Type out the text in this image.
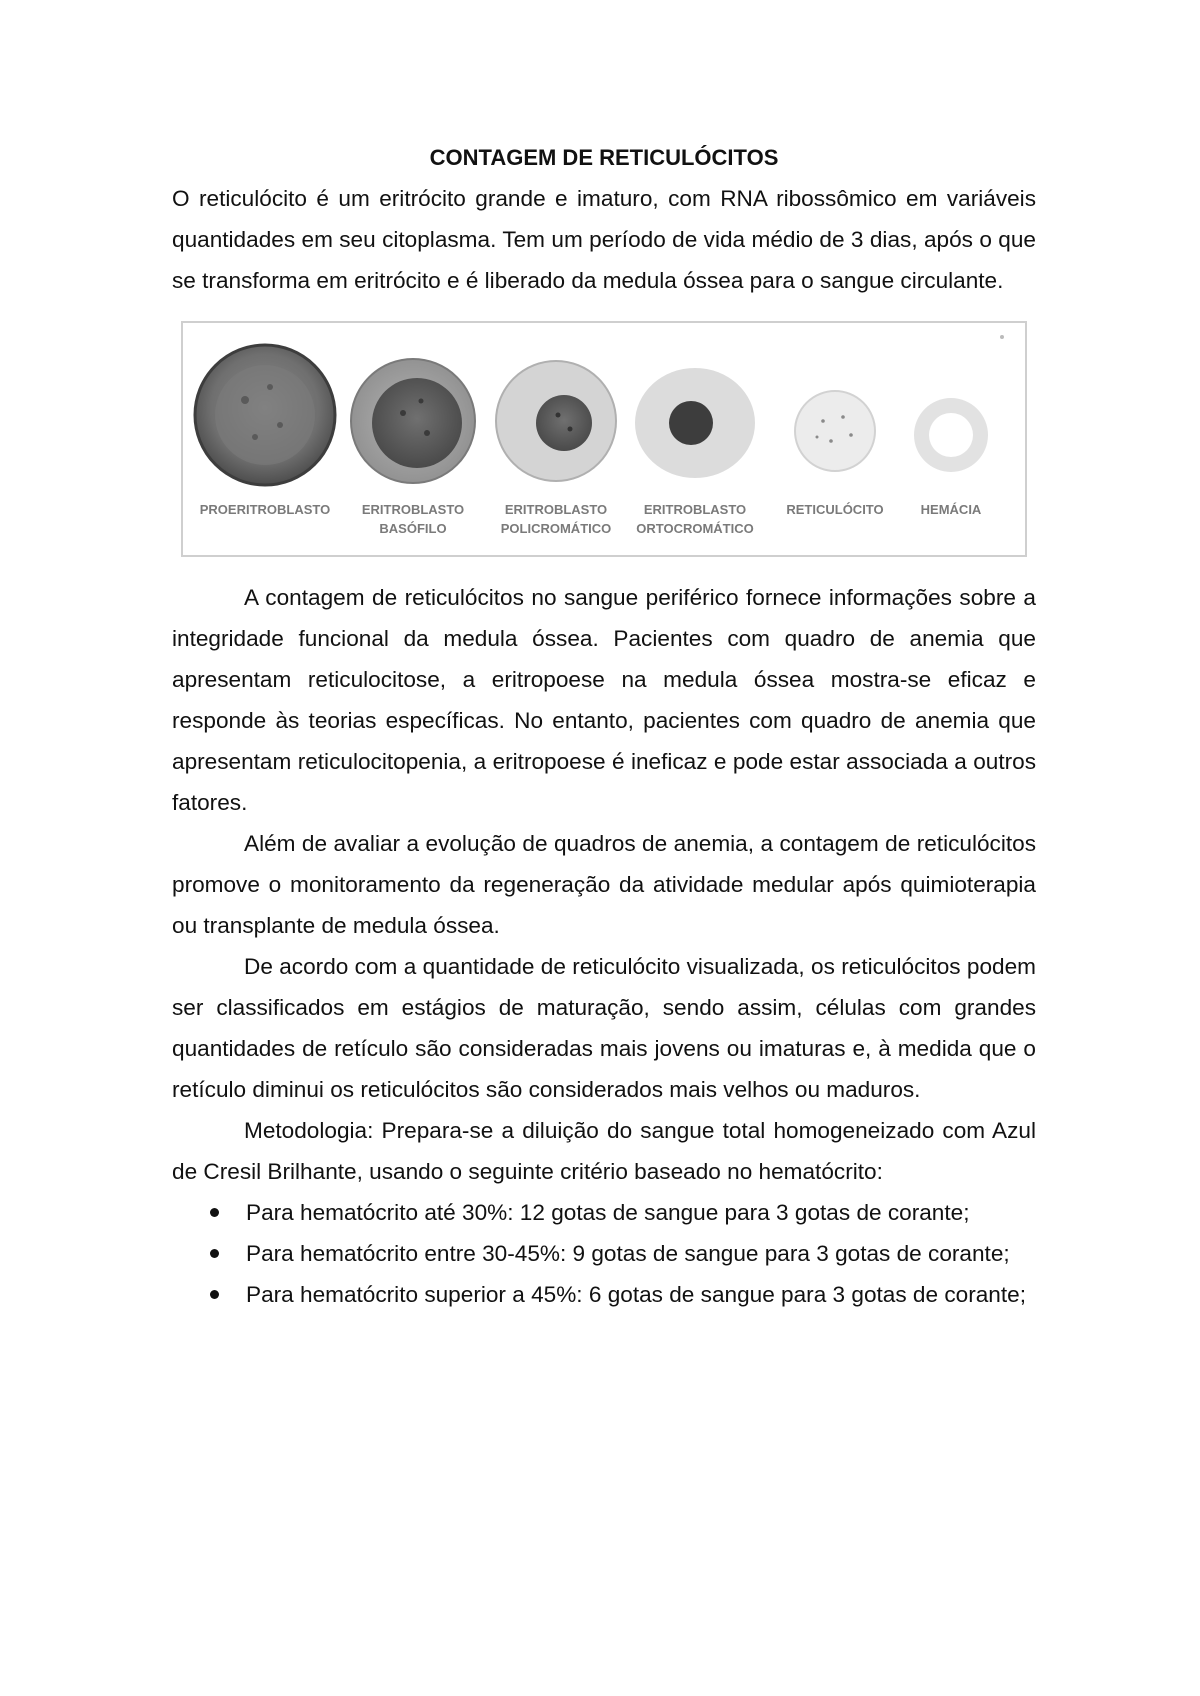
CONTAGEM DE RETICULÓCITOS

O reticulócito é um eritrócito grande e imaturo, com RNA ribossômico em variáveis quantidades em seu citoplasma. Tem um período de vida médio de 3 dias, após o que se transforma em eritrócito e é liberado da medula óssea para o sangue circulante.

PROERITROBLASTO ERITROBLASTO
BASÓFILO
ERITROBLASTO
POLICROMÁTICO
ERITROBLASTO
ORTOCROMÁTICO
RETICULÓCITO	HEMÁCIA

A contagem de reticulócitos no sangue periférico fornece informações sobre a integridade funcional da medula óssea. Pacientes com quadro de anemia que apresentam reticulocitose, a eritropoese na medula óssea mostra-se eficaz e responde às teorias específicas. No entanto, pacientes com quadro de anemia que apresentam reticulocitopenia, a eritropoese é ineficaz e pode estar associada a outros fatores.

Além de avaliar a evolução de quadros de anemia, a contagem de reticulócitos promove o monitoramento da regeneração da atividade medular após quimioterapia ou transplante de medula óssea.

De acordo com a quantidade de reticulócito visualizada, os reticulócitos podem ser classificados em estágios de maturação, sendo assim, células com grandes quantidades de retículo são consideradas mais jovens ou imaturas e, à medida que o retículo diminui os reticulócitos são considerados mais velhos ou maduros.

Metodologia: Prepara-se a diluição do sangue total homogeneizado com Azul de Cresil Brilhante, usando o seguinte critério baseado no hematócrito:

Para hematócrito até 30%: 12 gotas de sangue para 3 gotas de corante;
Para hematócrito entre 30-45%: 9 gotas de sangue para 3 gotas de corante;
Para hematócrito superior a 45%: 6 gotas de sangue para 3 gotas de corante;
